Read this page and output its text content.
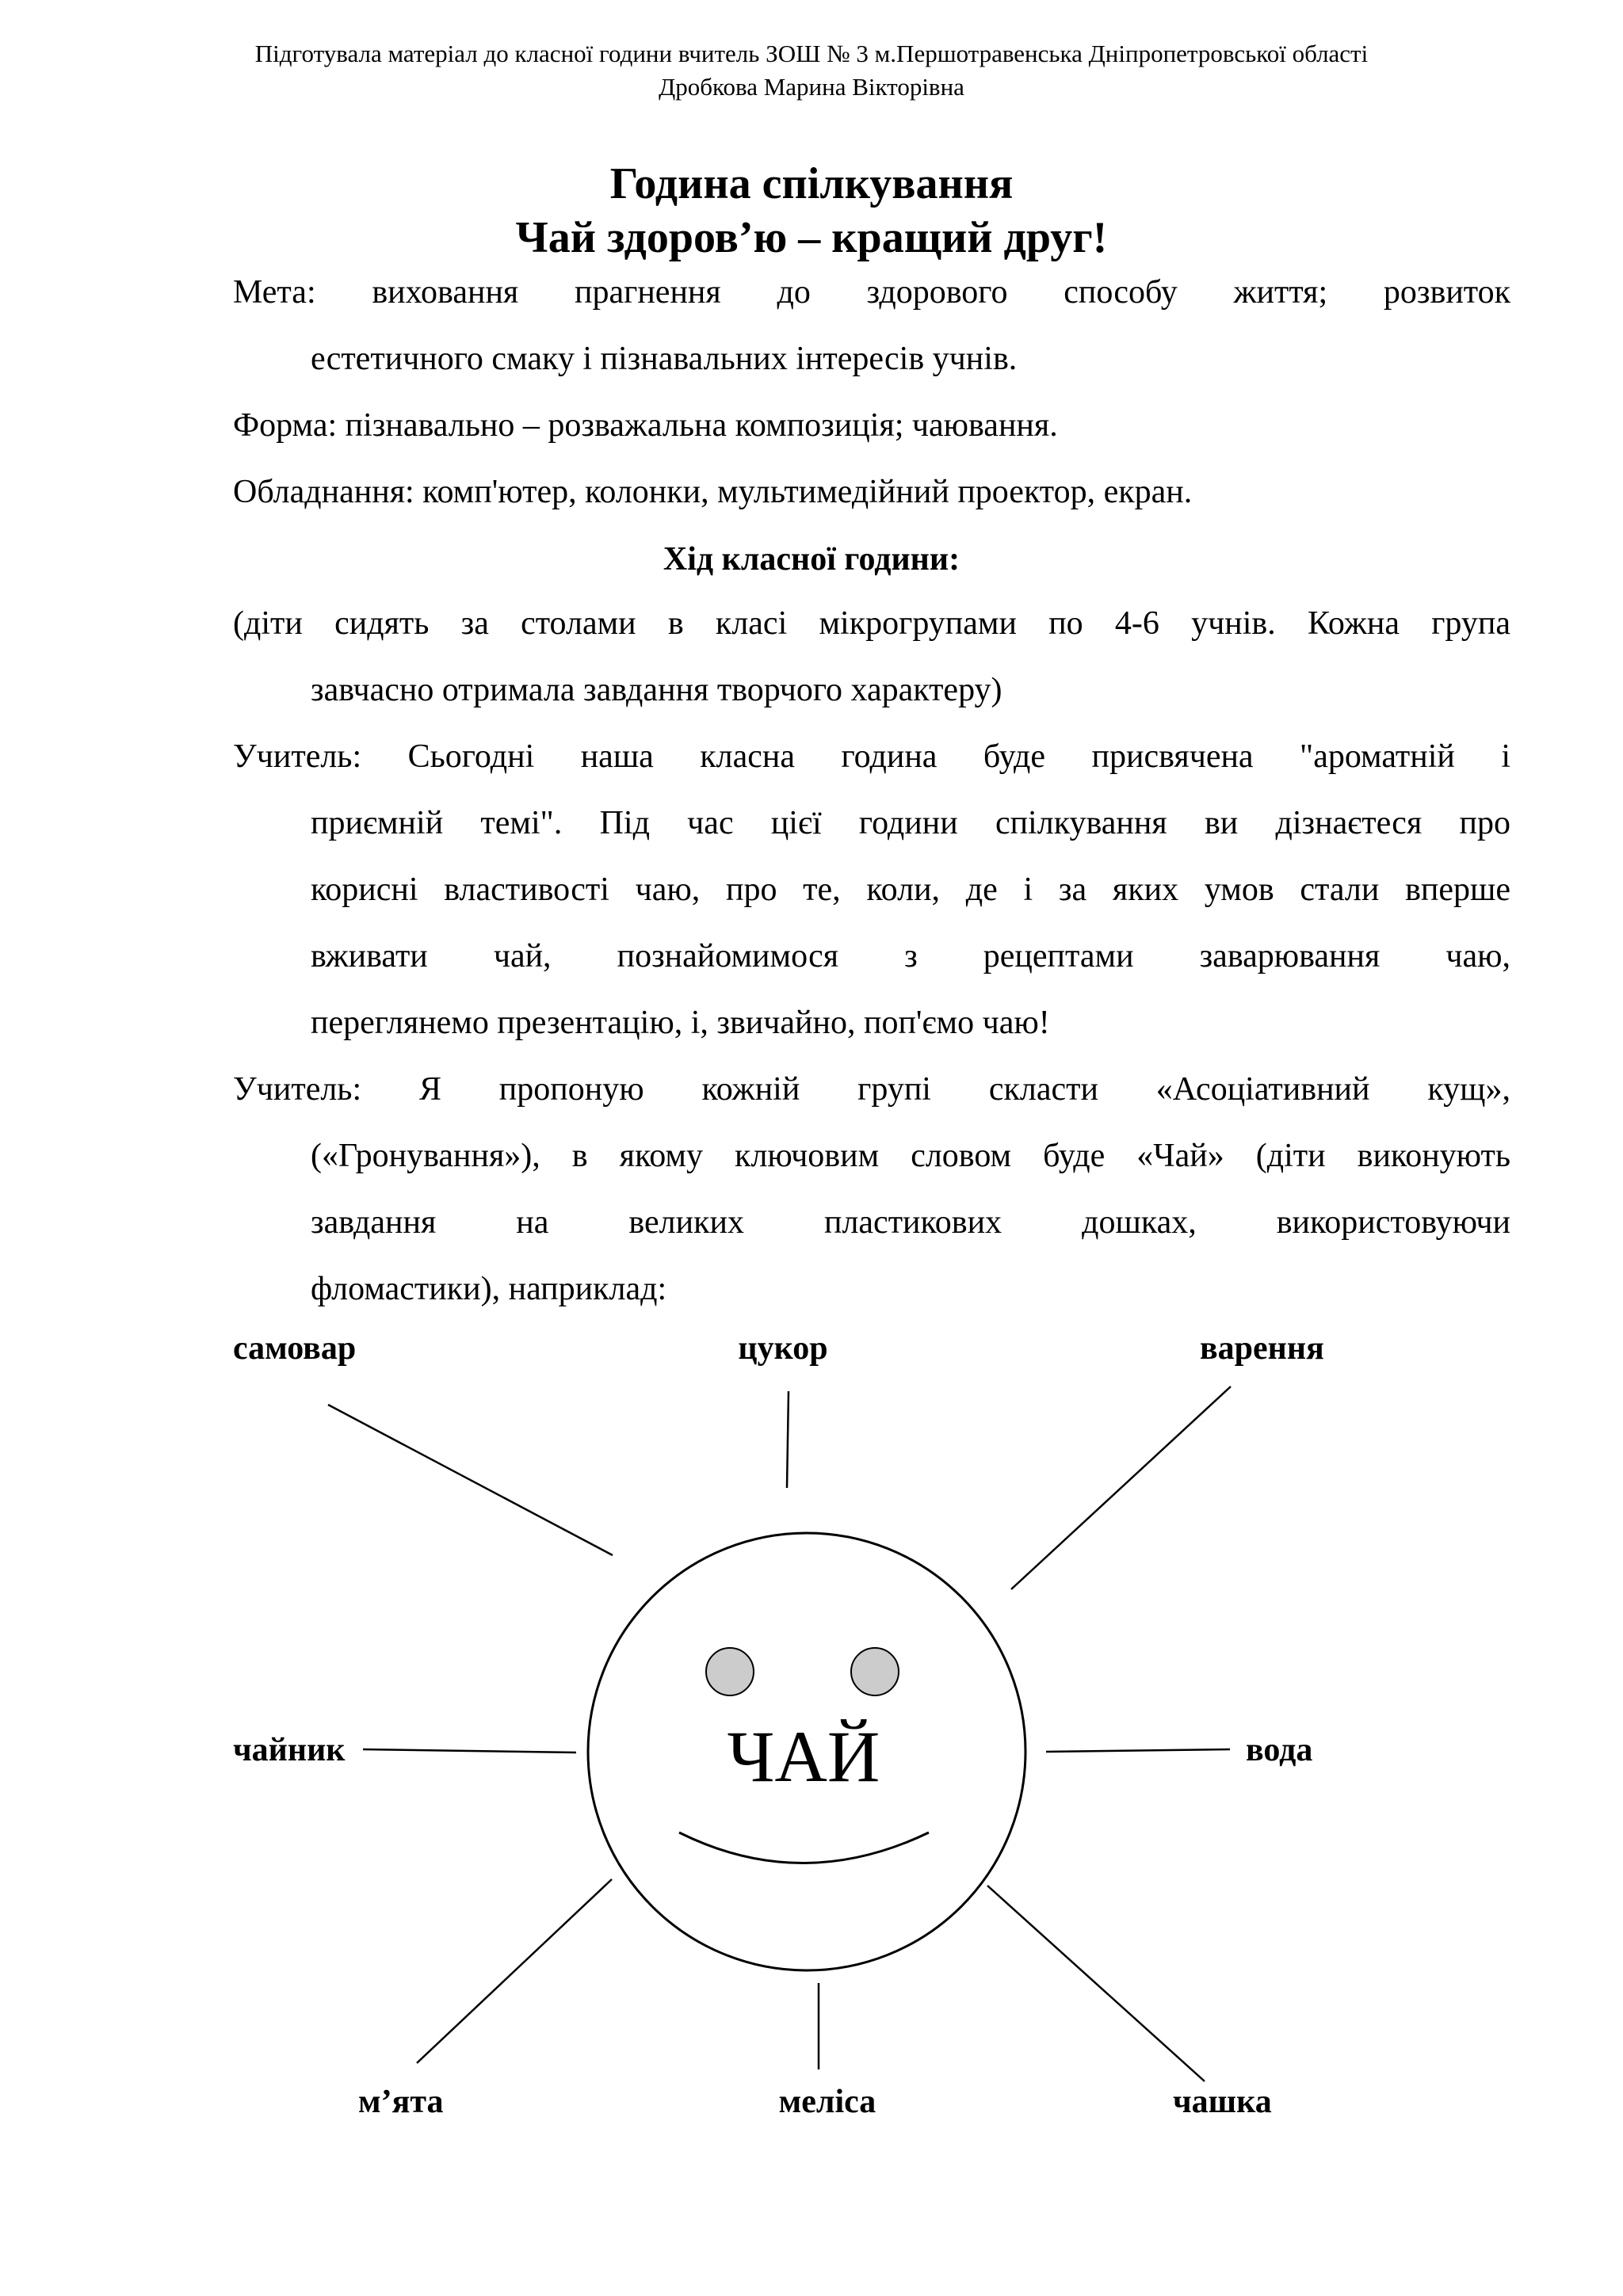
Підготувала матеріал до класної години вчитель ЗОШ № 3 м.Першотравенська Дніпропетровської області
Дробкова Марина Вікторівна
Година спілкування
Чай здоров’ю – кращий друг!
Мета: виховання прагнення до здорового способу життя; розвиток
естетичного смаку і пізнавальних інтересів учнів.
Форма: пізнавально – розважальна композиція; чаювання.
Обладнання: комп'ютер, колонки, мультимедійний проектор, екран.
Хід класної години:
(діти сидять за столами в класі мікрогрупами по 4-6 учнів. Кожна група
завчасно отримала завдання творчого характеру)
Учитель: Сьогодні наша класна година буде присвячена "ароматній і
приємній темі". Під час цієї години спілкування ви дізнаєтеся про
корисні властивості чаю, про те, коли, де і за яких умов стали вперше
вживати чай, познайомимося з рецептами заварювання чаю,
переглянемо презентацію, і, звичайно, поп'ємо чаю!
Учитель: Я пропоную кожній групі скласти «Асоціативний кущ»,
(«Гронування»), в якому ключовим словом буде «Чай» (діти виконують
завдання на великих пластикових дошках, використовуючи
фломастики), наприклад:
ЧАЙ
самовар	цукор	варення
чайник	вода
м’ята	меліса	чашка
